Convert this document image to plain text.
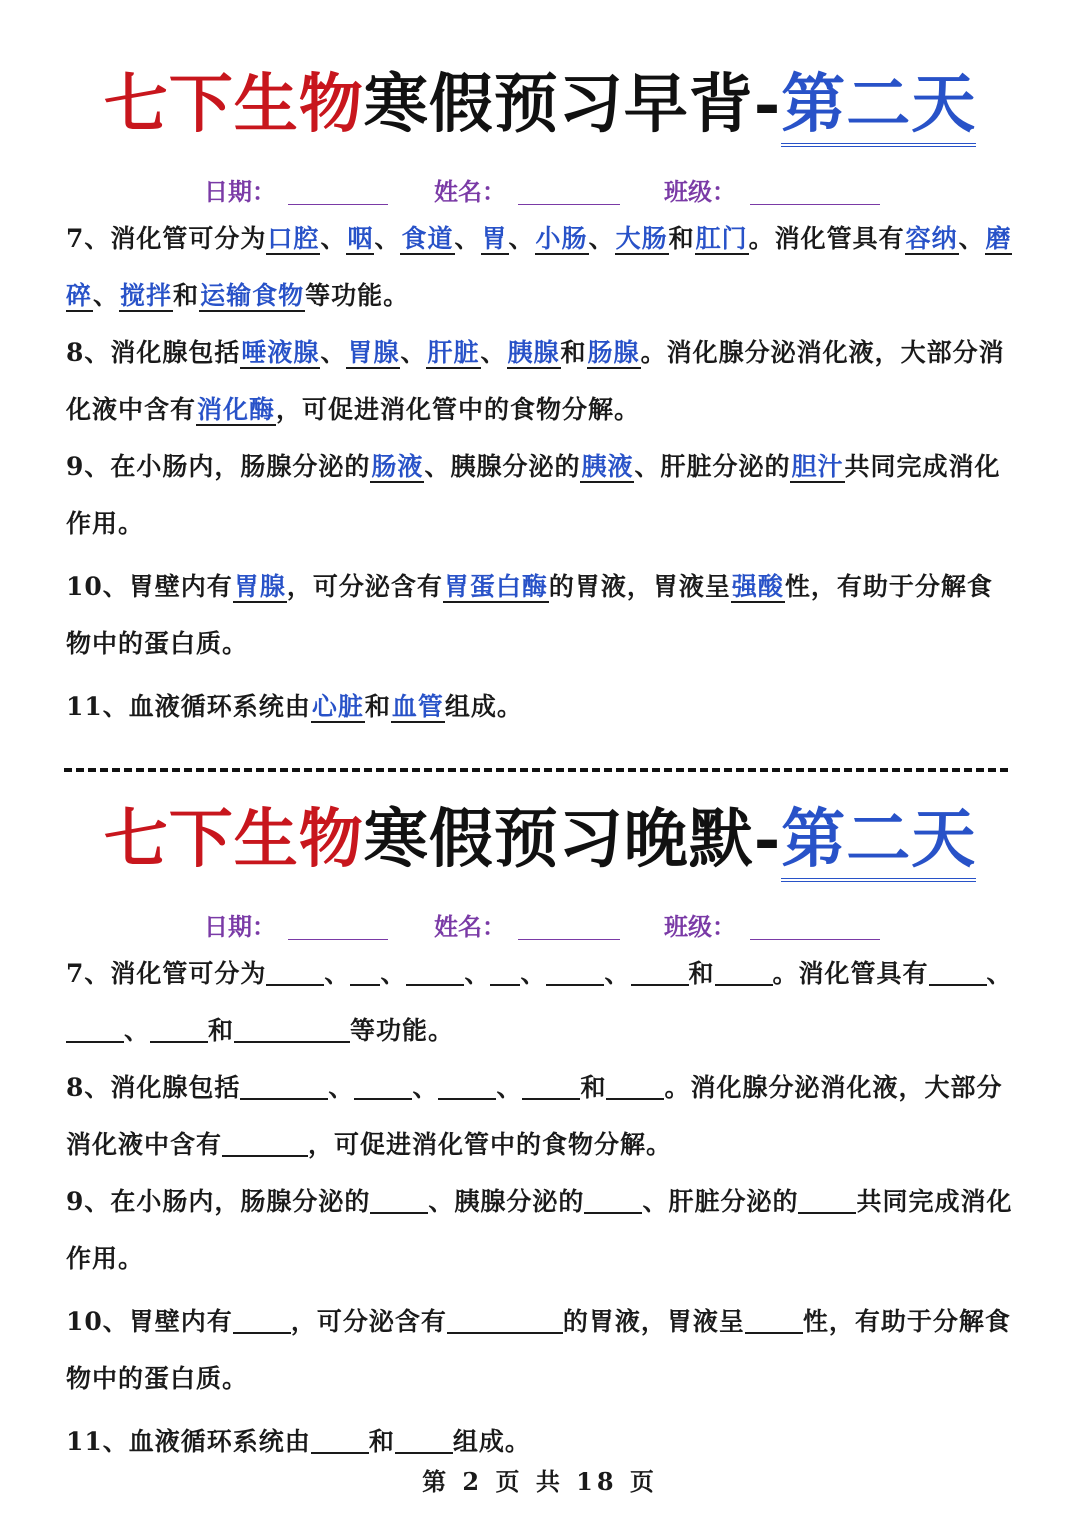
七下生物寒假预习早背-第二天
日期：	姓名：	班级：
7、消化管可分为口腔、咽、食道、胃、小肠、大肠和肛门。消化管具有容纳、磨碎、搅拌和运输食物等功能。
8、消化腺包括唾液腺、胃腺、肝脏、胰腺和肠腺。消化腺分泌消化液，大部分消化液中含有消化酶，可促进消化管中的食物分解。
9、在小肠内，肠腺分泌的肠液、胰腺分泌的胰液、肝脏分泌的胆汁共同完成消化作用。
10、胃壁内有胃腺，可分泌含有胃蛋白酶的胃液，胃液呈强酸性，有助于分解食物中的蛋白质。
11、血液循环系统由心脏和血管组成。
七下生物寒假预习晚默-第二天
日期：	姓名：	班级：
7、消化管可分为 、 、 、 、 、 和 。消化管具有 、、 和	等功能。
8、消化腺包括	、 、 、 和 。消化腺分泌消化液，大部分消化液中含有	，可促进消化管中的食物分解。
9、在小肠内，肠腺分泌的 、胰腺分泌的 、肝脏分泌的 共同完成消化作用。
10、胃壁内有 ，可分泌含有	的胃液，胃液呈 性，有助于分解食物中的蛋白质。
11、血液循环系统由 和 组成。
第 2 页 共 18 页
